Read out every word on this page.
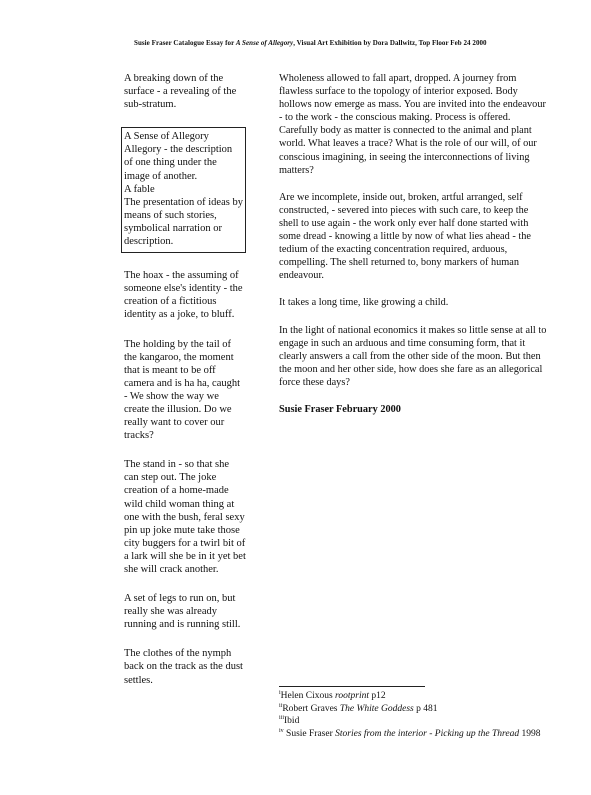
Susie Fraser Catalogue Essay for A Sense of Allegory, Visual Art Exhibition by Dora Dallwitz, Top Floor Feb 24 2000

A breaking down of the surface - a revealing of the sub-stratum.

A Sense of Allegory
Allegory - the description of one thing under the image of another.
A fable
The presentation of ideas by means of such stories, symbolical narration or description.

The hoax - the assuming of someone else's identity - the creation of a fictitious identity as a joke, to bluff.

The holding by the tail of the kangaroo, the moment that is meant to be off camera and is ha ha, caught - We show the way we create the illusion. Do we really want to cover our tracks?

The stand in - so that she can step out. The joke creation of a home-made wild child woman thing at one with the bush, feral sexy pin up joke mute take those city buggers for a twirl bit of a lark will she be in it yet bet she will crack another.

A set of legs to run on, but really she was already running and is running still.

The clothes of the nymph back on the track as the dust settles.

Wholeness allowed to fall apart, dropped. A journey from flawless surface to the topology of interior exposed. Body hollows now emerge as mass. You are invited into the endeavour - to the work - the conscious making. Process is offered. Carefully body as matter is connected to the animal and plant world. What leaves a trace? What is the role of our will, of our conscious imagining, in seeing the interconnections of living matters?

Are we incomplete, inside out, broken, artful arranged, self constructed, - severed into pieces with such care, to keep the shell to use again - the work only ever half done started with some dread - knowing a little by now of what lies ahead - the tedium of the exacting concentration required, arduous, compelling. The shell returned to, bony markers of human endeavour.

It takes a long time, like growing a child.

In the light of national economics it makes so little sense at all to engage in such an arduous and time consuming form, that it clearly answers a call from the other side of the moon. But then the moon and her other side, how does she fare as an allegorical force these days?

Susie Fraser February 2000

$^i$Helen Cixous rootprint p12
$^{ii}$Robert Graves The White Goddess p 481
$^{iii}$Ibid
$^{iv}$ Susie Fraser Stories from the interior - Picking up the Thread 1998
